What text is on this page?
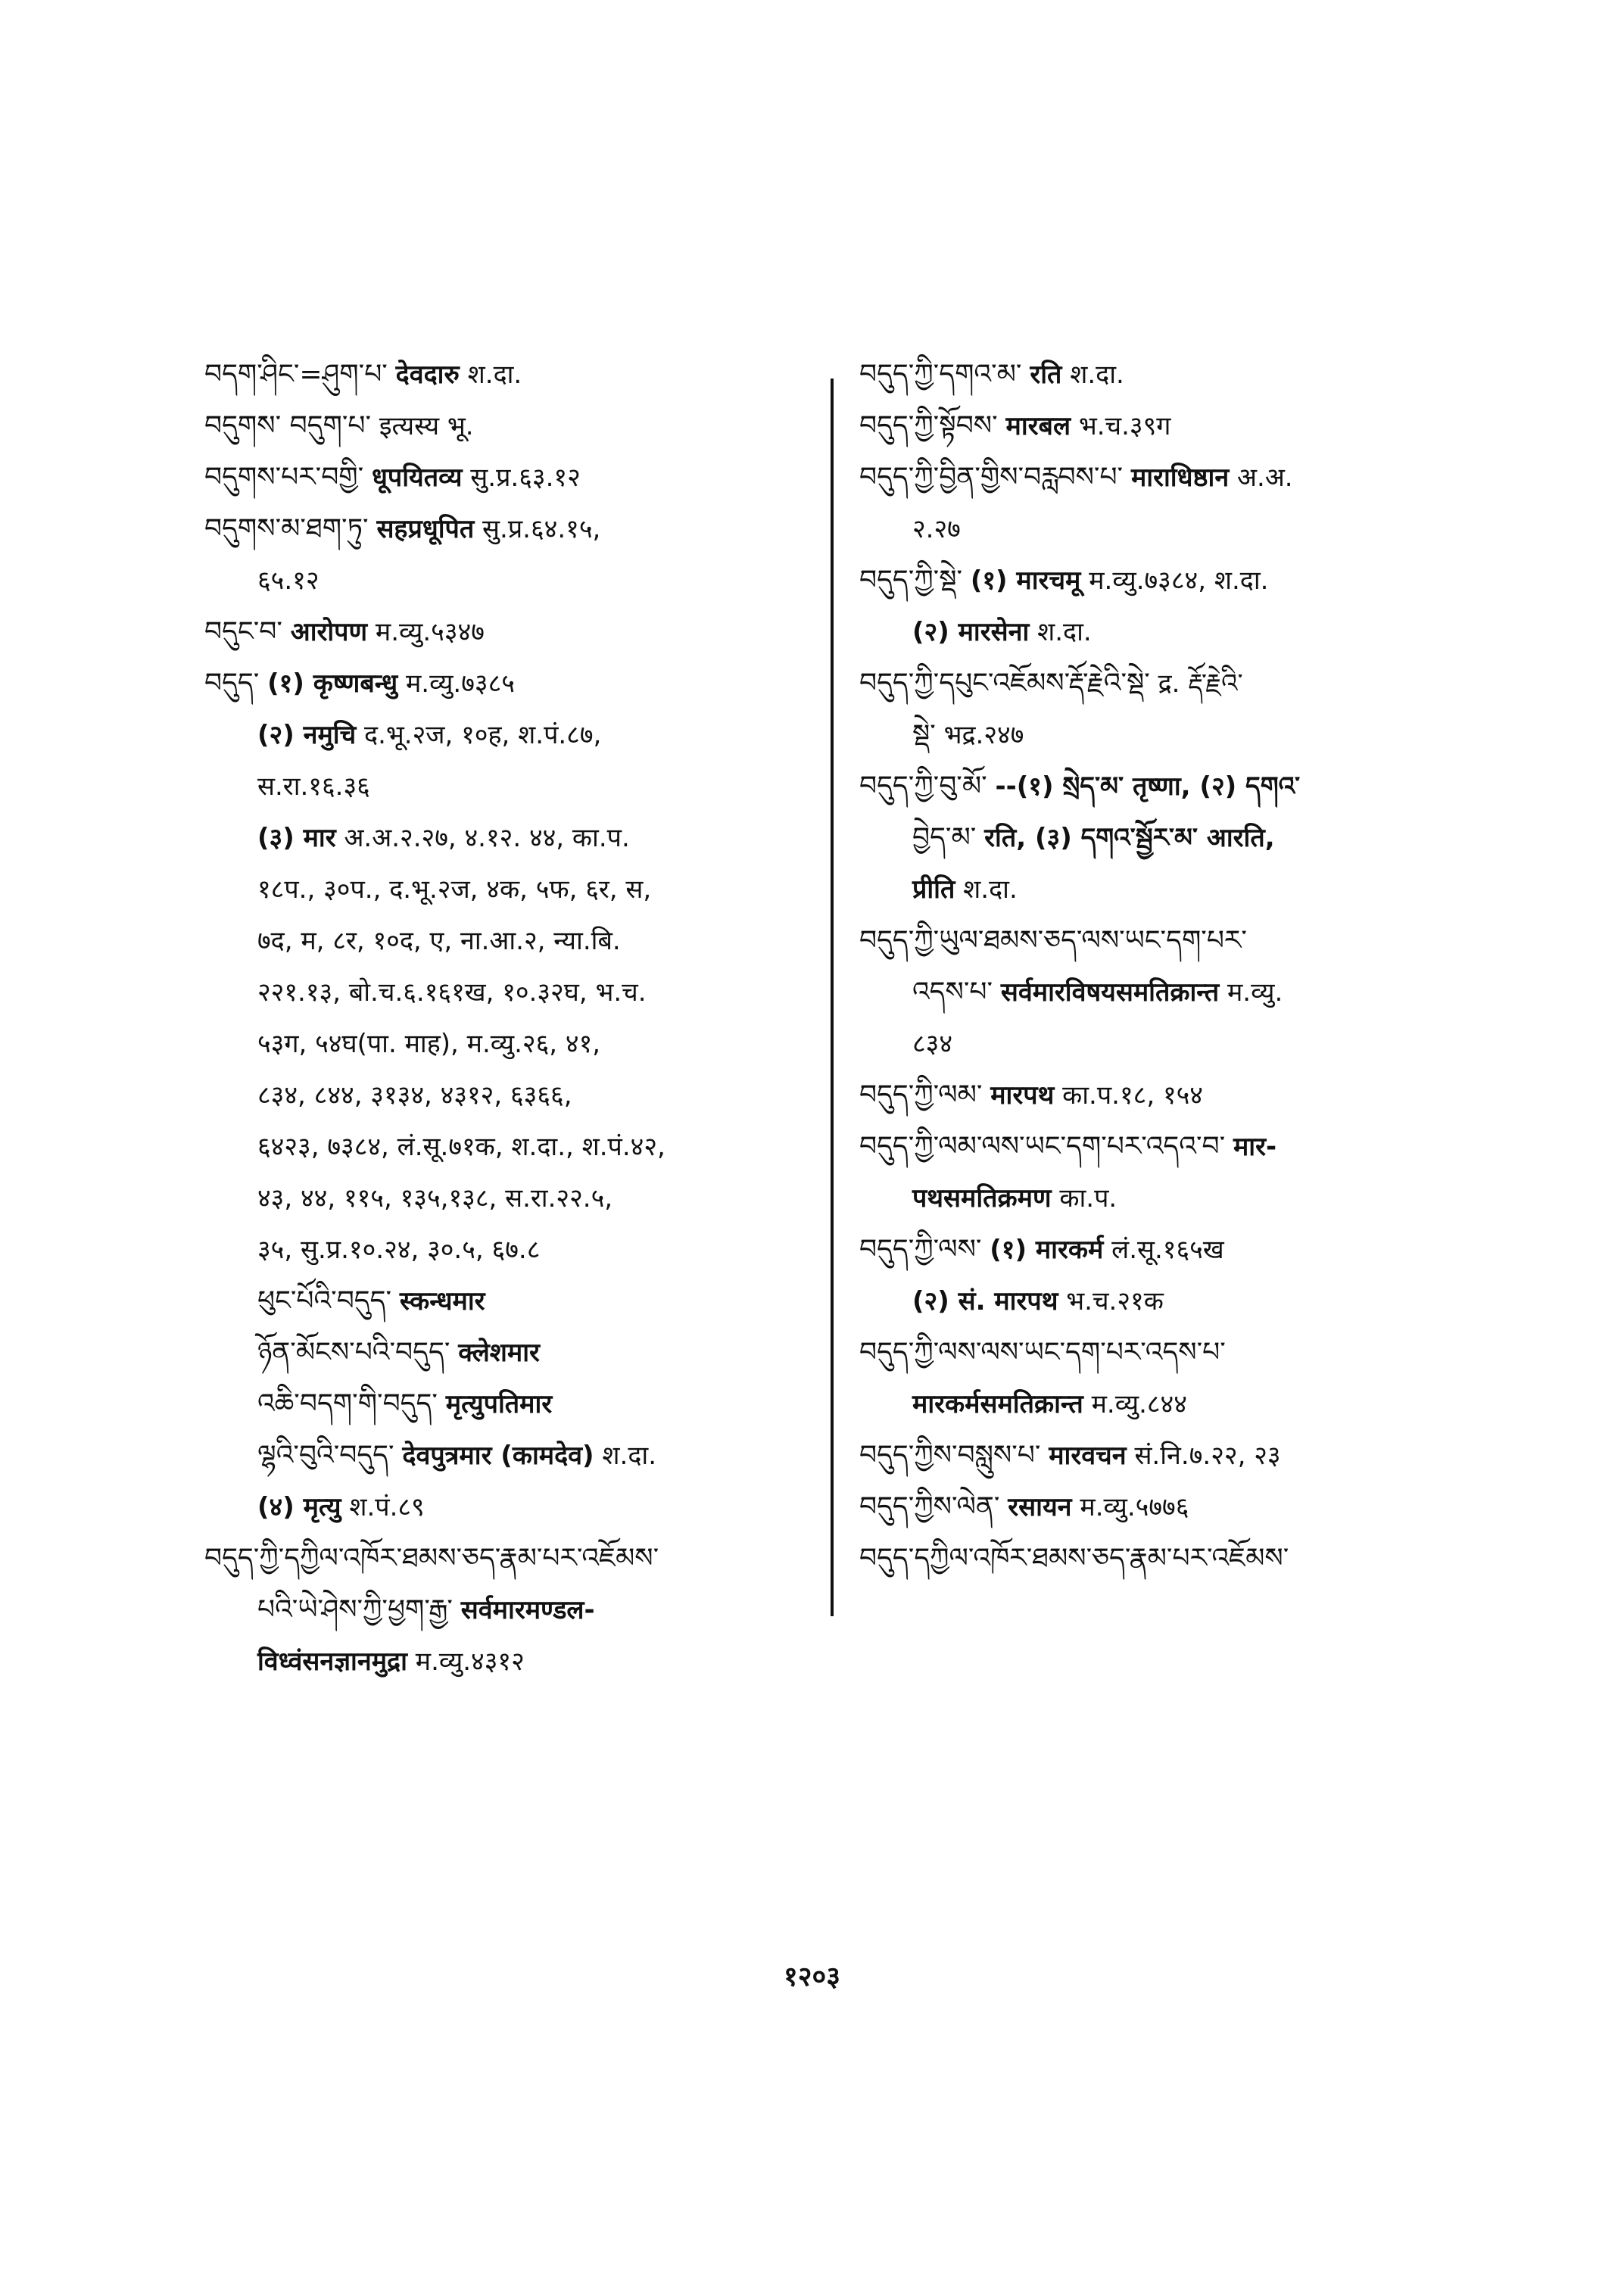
བདག་ཤིང་=ཤུག་པ་ देवदारु श.दा.
བདུགས་ བདུག་པ་ इत्यस्य भू.
བདུགས་པར་བགྱི་ धूपयितव्य सु.प्र.६३.१२
བདུགས་མ་ཐག་ཏུ་ सहप्रधूपित सु.प्र.६४.१५,
६५.१२
བདུང་བ་ आरोपण म.व्यु.५३४७
བདུད་ (१) कृष्णबन्धु म.व्यु.७३८५
(२) नमुचि द.भू.२ज, १०ह, श.पं.८७,
स.रा.१६.३६
(३) मार अ.अ.२.२७, ४.१२. ४४, का.प.
१८प., ३०प., द.भू.२ज, ४क, ५फ, ६र, स,
७द, म, ८र, १०द, ए, ना.आ.२, न्या.बि.
२२१.१३, बो.च.६.१६१ख, १०.३२घ, भ.च.
५३ग, ५४घ(पा. माह), म.व्यु.२६, ४१,
८३४, ८४४, ३१३४, ४३१२, ६३६६,
६४२३, ७३८४, लं.सू.७१क, श.दा., श.पं.४२,
४३, ४४, ११५, १३५,१३८, स.रा.२२.५,
३५, सु.प्र.१०.२४, ३०.५, ६७.८
ཕུང་པོའི་བདུད་ स्कन्धमार
ཉོན་མོངས་པའི་བདུད་ क्लेशमार
འཆི་བདག་གི་བདུད་ मृत्युपतिमार
ལྷའི་བུའི་བདུད་ देवपुत्रमार (कामदेव) श.दा.
(४) मृत्यु श.पं.८९
བདུད་ཀྱི་དཀྱིལ་འཁོར་ཐམས་ཅད་རྣམ་པར་འཇོམས་
པའི་ཡེ་ཤེས་ཀྱི་ཕྱག་རྒྱ་ सर्वमारमण्डल-
विध्वंसनज्ञानमुद्रा म.व्यु.४३१२
བདུད་ཀྱི་དགའ་མ་ रति श.दा.
བདུད་ཀྱི་སྟོབས་ मारबल भ.च.३९ग
བདུད་ཀྱི་བྱིན་གྱིས་བརླབས་པ་ माराधिष्ठान अ.अ.
२.२७
བདུད་ཀྱི་སྡེ་ (१) मारचमू म.व्यु.७३८४, श.दा.
(२) मारसेना श.दा.
བདུད་ཀྱི་དཔུང་འཇོམས་རྡོ་རྗེའི་སྡེ་ द्र. རྡོ་རྗེའི་
སྡེ་ भद्र.२४७
བདུད་ཀྱི་བུ་མོ་ --(१) སྲེད་མ་ तृष्णा, (२) དགའ་
བྱེད་མ་ रति, (३) དགའ་སྦྱོར་མ་ आरति,
प्रीति श.दा.
བདུད་ཀྱི་ཡུལ་ཐམས་ཅད་ལས་ཡང་དག་པར་
འདས་པ་ सर्वमारविषयसमतिक्रान्त म.व्यु.
८३४
བདུད་ཀྱི་ལམ་ मारपथ का.प.१८, १५४
བདུད་ཀྱི་ལམ་ལས་ཡང་དག་པར་འདའ་བ་ मार-
पथसमतिक्रमण का.प.
བདུད་ཀྱི་ལས་ (१) मारकर्म लं.सू.१६५ख
(२) सं. मारपथ भ.च.२१क
བདུད་ཀྱི་ལས་ལས་ཡང་དག་པར་འདས་པ་
मारकर्मसमतिक्रान्त म.व्यु.८४४
བདུད་ཀྱིས་བསླུས་པ་ मारवचन सं.नि.७.२२, २३
བདུད་ཀྱིས་ལེན་ रसायन म.व्यु.५७७६
བདུད་དཀྱིལ་འཁོར་ཐམས་ཅད་རྣམ་པར་འཇོམས་
१२०३
